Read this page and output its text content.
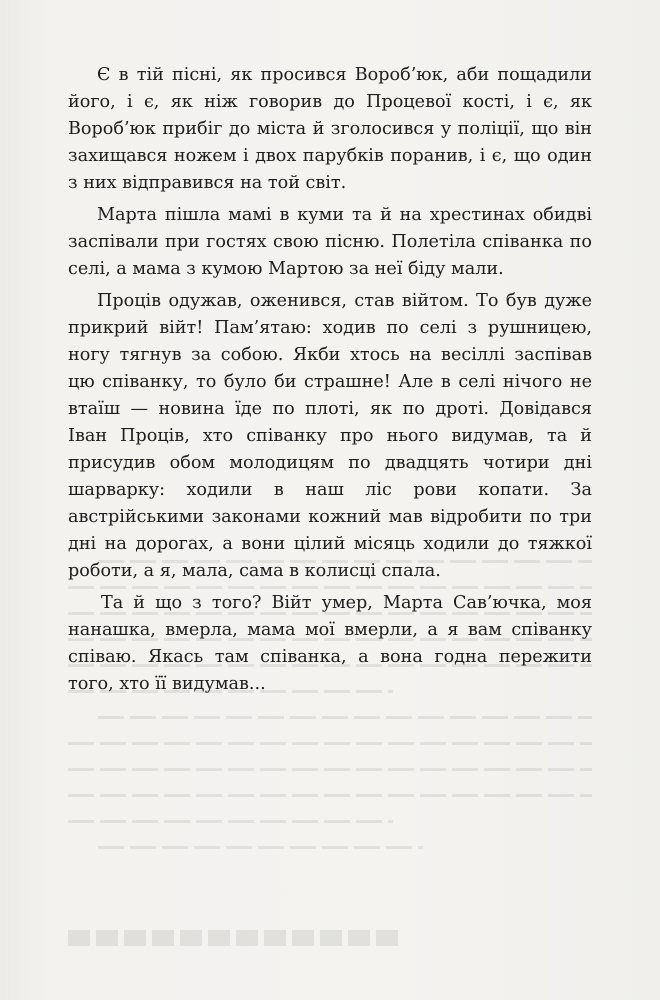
Є в тій пісні, як просився Вороб’юк, аби пощадили його, і є, як ніж говорив до Процевої кості, і є, як Вороб’юк прибіг до міста й зголосився у поліції, що він захищався ножем і двох парубків поранив, і є, що один з них відправився на той світ.

Марта пішла мамі в куми та й на хрестинах обидві заспівали при гостях свою пісню. Полетіла співанка по селі, а мама з кумою Мартою за неї біду мали.

Проців одужав, оженився, став війтом. То був дуже прикрий війт! Пам’ятаю: ходив по селі з рушницею, ногу тягнув за собою. Якби хтось на весіллі заспівав цю співанку, то було би страшне! Але в селі нічого не втаїш — новина їде по плоті, як по дроті. Довідався Іван Проців, хто співанку про нього видумав, та й присудив обом молодицям по двадцять чотири дні шарварку: ходили в наш ліс рови копати. За австрійськими законами кожний мав відробити по три дні на дорогах, а вони цілий місяць ходили до тяжкої роботи, а я, мала, сама в колисці спала.

Та й що з того? Війт умер, Марта Сав’ючка, моя нанашка, вмерла, мама мої вмерли, а я вам співанку співаю. Якась там співанка, а вона годна пережити того, хто її видумав...
